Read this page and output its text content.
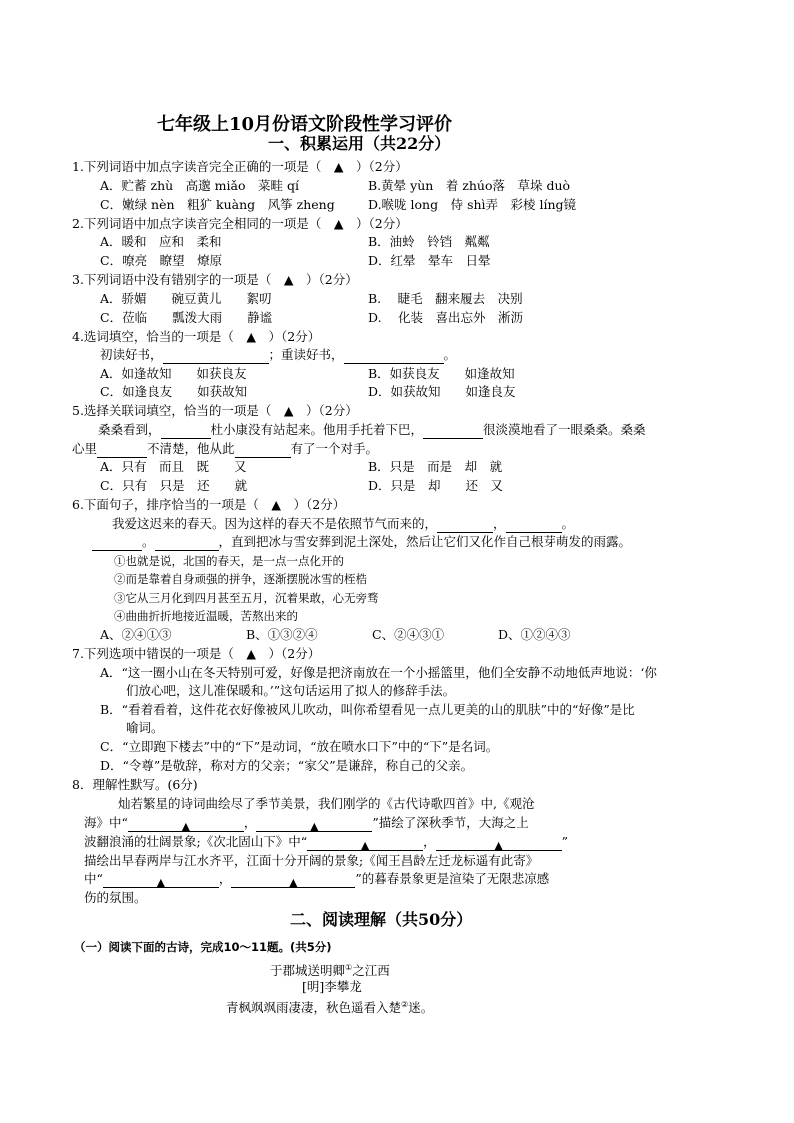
七年级上10月份语文阶段性学习评价
一、积累运用（共22分）
1.下列词语中加点字读音完全正确的一项是（　▲　）（2分）
A．贮蓄 zhù　高邈 miǎo　菜畦 qí	B.黄晕 yùn　着 zhúo落　草垛 duò
C．嫩绿 nèn　粗犷 kuàng　风筝 zheng	D.喉咙 long　侍 shì弄　彩棱 líng镜
2.下列词语中加点字读音完全相同的一项是（　▲　）（2分）
A．暖和　应和　柔和	B．油蛉　铃铛　粼粼
C．嘹亮　瞭望　燎原	D．红晕　晕车　日晕
3.下列词语中没有错别字的一项是（　▲　）（2分）
A．骄媚　　碗豆黄儿　　絮叨	B.　 睫毛　翻来履去　决别
C．莅临　　瓢泼大雨　　静谧	D.　 化装　喜出忘外　淅沥
4.选词填空，恰当的一项是（　▲　）（2分）
初读好书，	；重读好书，	。
A．如逢故知　　如获良友	B．如获良友　　如逢故知
C．如逢良友　　如获故知	D．如获故知　　如逢良友
5.选择关联词填空，恰当的一项是（　▲　）（2分）
桑桑看到，	杜小康没有站起来。他用手托着下巴，	很淡漠地看了一眼桑桑。桑桑
心里	不清楚，他从此	有了一个对手。
A．只有　而且　既　　又	B．只是　而是　却　就
C．只有　只是　还　　就	D．只是　却　　还　又
6.下面句子，排序恰当的一项是（　▲　）（2分）
我爱这迟来的春天。因为这样的春天不是依照节气而来的，	，	。
。	，直到把冰与雪安葬到泥土深处，然后让它们又化作自己根芽萌发的雨露。
①也就是说，北国的春天，是一点一点化开的
②而是靠着自身顽强的拼争，逐渐摆脱冰雪的桎梏
③它从三月化到四月甚至五月，沉着果敢，心无旁骛
④曲曲折折地接近温暖，苦熬出来的
A、②④①③	B、①③②④	C、②④③①	D、①②④③
7.下列选项中错误的一项是（　▲　）（2分）
A．“这一圈小山在冬天特别可爱，好像是把济南放在一个小摇篮里，他们全安静不动地低声地说：‘你
们放心吧，这儿准保暖和。’”这句话运用了拟人的修辞手法。
B．“看着看着，这件花衣好像被风儿吹动，叫你希望看见一点儿更美的山的肌肤”中的“好像”是比
喻词。
C．“立即跑下楼去”中的“下”是动词，“放在喷水口下”中的“下”是名词。
D．“令尊”是敬辞，称对方的父亲；“家父”是谦辞，称自己的父亲。
8．理解性默写。(6分)
灿若繁星的诗词曲绘尽了季节美景，我们刚学的《古代诗歌四首》中,《观沧
海》中“	▲	，	▲	”描绘了深秋季节，大海之上
波翻浪涌的壮阔景象;《次北固山下》中“	▲	，	▲	”
描绘出早春两岸与江水齐平，江面十分开阔的景象;《闻王昌龄左迁龙标遥有此寄》
中“	▲	，	▲	”的暮春景象更是渲染了无限悲凉感
伤的氛围。
二、阅读理解（共50分）
（一）阅读下面的古诗，完成10～11题。(共5分)
于郡城送明卿①之江西
[明]李攀龙
青枫飒飒雨凄凄，秋色遥看入楚②迷。
